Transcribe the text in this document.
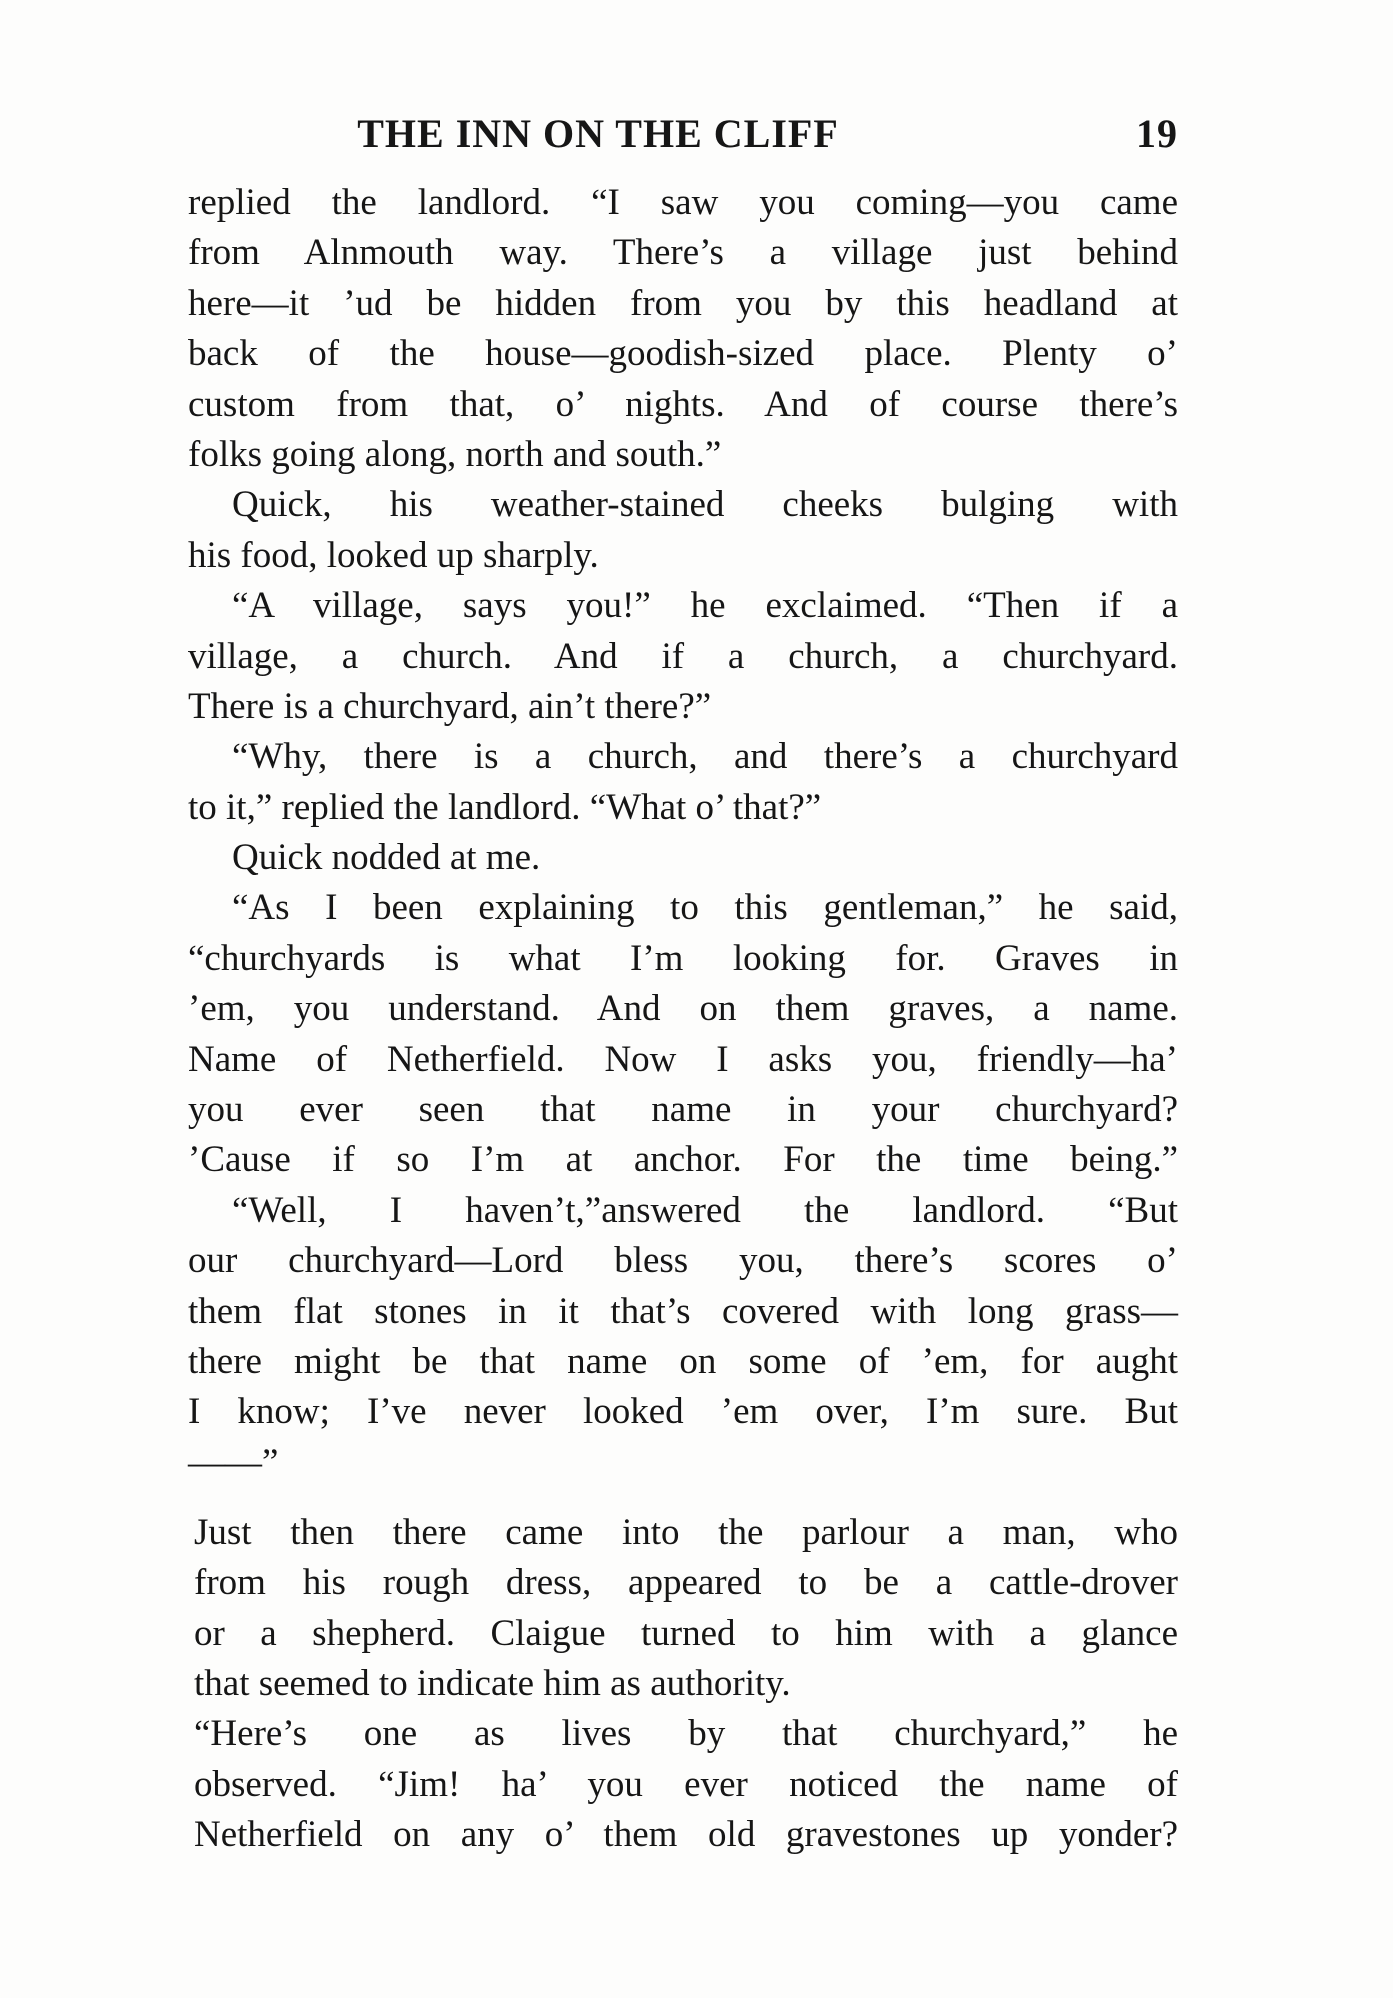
THE INN ON THE CLIFF	19
replied the landlord. “I saw you coming—you came
from Alnmouth way. There’s a village just behind
here—it ’ud be hidden from you by this headland at
back of the house—goodish-sized place. Plenty o’
custom from that, o’ nights. And of course there’s
folks going along, north and south.”
Quick, his weather-stained cheeks bulging with
his food, looked up sharply.
“A village, says you!” he exclaimed. “Then if a
village, a church. And if a church, a churchyard.
There is a churchyard, ain’t there?”
“Why, there is a church, and there’s a churchyard
to it,” replied the landlord. “What o’ that?”
Quick nodded at me.
“As I been explaining to this gentleman,” he said,
“churchyards is what I’m looking for. Graves in
’em, you understand. And on them graves, a name.
Name of Netherfield. Now I asks you, friendly—ha’
you ever seen that name in your churchyard?
’Cause if so I’m at anchor. For the time being.”
“Well, I haven’t,”answered the landlord. “But
our churchyard—Lord bless you, there’s scores o’
them flat stones in it that’s covered with long grass—
there might be that name on some of ’em, for aught
I know; I’ve never looked ’em over, I’m sure. But
——”
Just then there came into the parlour a man, who
from his rough dress, appeared to be a cattle-drover
or a shepherd. Claigue turned to him with a glance
that seemed to indicate him as authority.
“Here’s one as lives by that churchyard,” he
observed. “Jim! ha’ you ever noticed the name of
Netherfield on any o’ them old gravestones up yonder?
